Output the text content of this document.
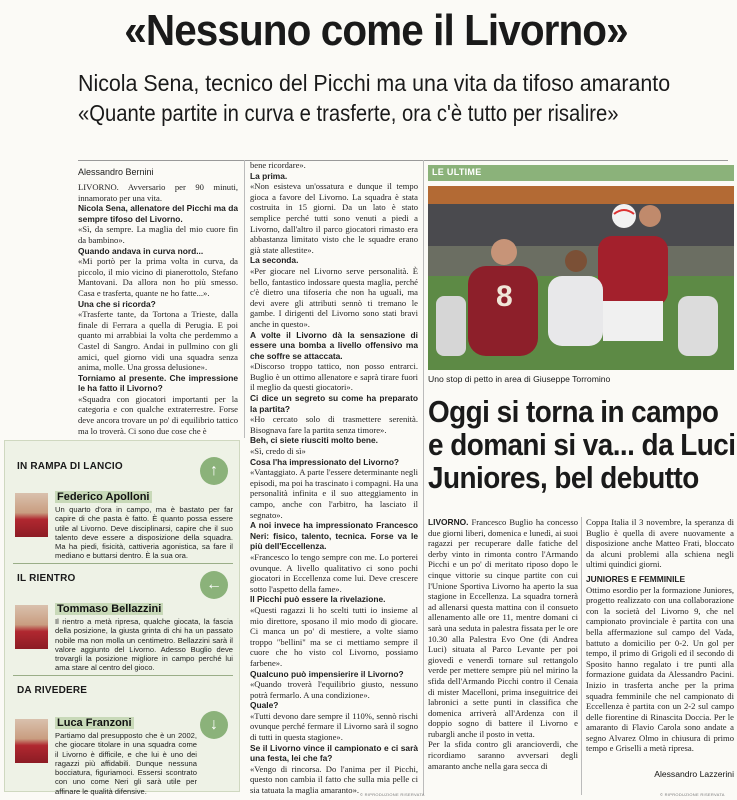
«Nessuno come il Livorno»
Nicola Sena, tecnico del Picchi ma una vita da tifoso amaranto
«Quante partite in curva e trasferte, ora c'è tutto per risalire»
Alessandro Bernini

LIVORNO. Avversario per 90 minuti, innamorato per una vita.

Nicola Sena, allenatore del Picchi ma da sempre tifoso del Livorno.

«Sì, da sempre. La maglia del mio cuore fin da bambino».

Quando andava in curva nord...

«Mi portò per la prima volta in curva, da piccolo, il mio vicino di pianerottolo, Stefano Mantovani. Da allora non ho più smesso. Casa e trasferta, quante ne ho fatte...».

Una che si ricorda?

«Trasferte tante, da Tortona a Trieste, dalla finale di Ferrara a quella di Perugia. E poi quanto mi arrabbiai la volta che perdemmo a Castel di Sangro. Andai in pullmino con gli amici, quel giorno vidi una squadra senza anima, molle. Una grossa delusione».

Torniamo al presente. Che impressione le ha fatto il Livorno?

«Squadra con giocatori importanti per la categoria e con qualche extraterrestre. Forse deve ancora trovare un po' di equilibrio tattico ma lo troverà. Ci sono due cose che è

bene ricordare».

La prima.

«Non esisteva un'ossatura e dunque il tempo gioca a favore del Livorno. La squadra è stata costruita in 15 giorni. Da un lato è stato semplice perché tutti sono venuti a piedi a Livorno, dall'altro il parco giocatori rimasto era abbastanza limitato visto che le squadre erano già state allestite».

La seconda.

«Per giocare nel Livorno serve personalità. È bello, fantastico indossare questa maglia, perché c'è dietro una tifoseria che non ha uguali, ma devi avere gli attributi sennò ti tremano le gambe. I dirigenti del Livorno sono stati bravi anche in questo».

A volte il Livorno dà la sensazione di essere una bomba a livello offensivo ma che soffre se attaccata.

«Discorso troppo tattico, non posso entrarci. Buglio è un ottimo allenatore e saprà tirare fuori il meglio da questi giocatori».

Ci dice un segreto su come ha preparato la partita?

«Ho cercato solo di trasmettere serenità. Bisognava fare la partita senza timore».

Beh, ci siete riusciti molto bene.

«Sì, credo di sì»

Cosa l'ha impressionato del Livorno?

«Vantaggiato. A parte l'essere determinante negli episodi, ma poi ha trascinato i compagni. Ha una personalità infinita e il suo atteggiamento in campo, anche con l'arbitro, ha lasciato il segnato».

A noi invece ha impressionato Francesco Neri: fisico, talento, tecnica. Forse va le più dell'Eccellenza.

«Francesco lo tengo sempre con me. Lo porterei ovunque. A livello qualitativo ci sono pochi giocatori in Eccellenza come lui. Deve crescere sotto l'aspetto della fame».

Il Picchi può essere la rivelazione.

«Questi ragazzi li ho scelti tutti io insieme al mio direttore, sposano il mio modo di giocare. Ci manca un po' di mestiere, a volte siamo troppo "bellini" ma se ci mettiamo sempre il cuore che ho visto col Livorno, possiamo farbene».

Qualcuno può impensierire il Livorno?

«Quando troverà l'equilibrio giusto, nessuno potrà fermarlo. A una condizione».

Quale?

«Tutti devono dare sempre il 110%, sennò rischi ovunque perché fermare il Livorno sarà il sogno di tutti in questa stagione».

Se il Livorno vince il campionato e ci sarà una festa, lei che fa?

«Vengo di rincorsa. Do l'anima per il Picchi, questo non cambia il fatto che sulla mia pelle ci sia tatuata la maglia amaranto».

IN RAMPA DI LANCIO	↑
Federico Apolloni
Un quarto d'ora in campo, ma è bastato per far capire di che pasta è fatto. È quanto possa essere utile al Livorno. Deve disciplinarsi, capire che il suo talento deve essere a disposizione della squadra. Ma ha piedi, fisicità, cattiveria agonistica, sa fare il mediano e buttarsi dentro. È la sua ora.
IL RIENTRO	←
Tommaso Bellazzini
Il rientro a metà ripresa, qualche giocata, la fascia della posizione, la giusta grinta di chi ha un passato nobile ma non molla un centimetro. Bellazzini sarà il valore aggiunto del Livorno. Adesso Buglio deve trovargli la posizione migliore in campo perché lui ama stare al centro del gioco.
DA RIVEDERE
↓
Luca Franzoni
Partiamo dal presupposto che è un 2002, che giocare titolare in una squadra come il Livorno è difficile, e che lui è uno dei ragazzi più affidabili. Dunque nessuna bocciatura, figuriamoci. Essersi scontrato con uno come Neri gli sarà utile per affinare le qualità difensive.
LE ULTIME
8
Uno stop di petto in area di Giuseppe Torromino
Oggi si torna in campo
e domani si va... da Luci
Juniores, bel debutto

LIVORNO. Francesco Buglio ha concesso due giorni liberi, domenica e lunedì, ai suoi ragazzi per recuperare dalle fatiche del derby vinto in rimonta contro l'Armando Picchi e un po' di meritato riposo dopo le cinque vittorie su cinque partite con cui l'Unione Sportiva Livorno ha aperto la sua stagione in Eccellenza. La squadra tornerà ad allenarsi questa mattina con il consueto allenamento alle ore 11, mentre domani ci sarà una seduta in palestra fissata per le ore 10.30 alla Palestra Evo One (di Andrea Luci) situata al Parco Levante per poi giovedì e venerdì tornare sul rettangolo verde per mettere sempre più nel mirino la sfida dell'Armando Picchi contro il Cenaia di mister Macelloni, prima inseguitrice dei labronici a sette punti in classifica che domenica arriverà all'Ardenza con il doppio sogno di battere il Livorno e rubargli anche il posto in vetta.

Per la sfida contro gli arancioverdi, che ricordiamo saranno avversari degli amaranto anche nella gara secca di

Coppa Italia il 3 novembre, la speranza di Buglio è quella di avere nuovamente a disposizione anche Matteo Frati, bloccato da alcuni problemi alla schiena negli ultimi quindici giorni.

JUNIORES E FEMMINILE

Ottimo esordio per la formazione Juniores, progetto realizzato con una collaborazione con la società del Livorno 9, che nel campionato provinciale è partita con una bella affermazione sul campo del Vada, battuto a domicilio per 0-2. Un gol per tempo, il primo di Grigoli ed il secondo di Sposito hanno regalato i tre punti alla formazione guidata da Alessandro Pacini. Inizio in trasferta anche per la prima squadra femminile che nel campionato di Eccellenza è partita con un 2-2 sul campo delle fiorentine di Rinascita Doccia. Per le amaranto di Flavio Carola sono andate a segno Alvarez Olmo in chiusura di primo tempo e Griselli a metà ripresa.

Alessandro Lazzerini
© RIPRODUZIONE RISERVATA	© RIPRODUZIONE RISERVATA
